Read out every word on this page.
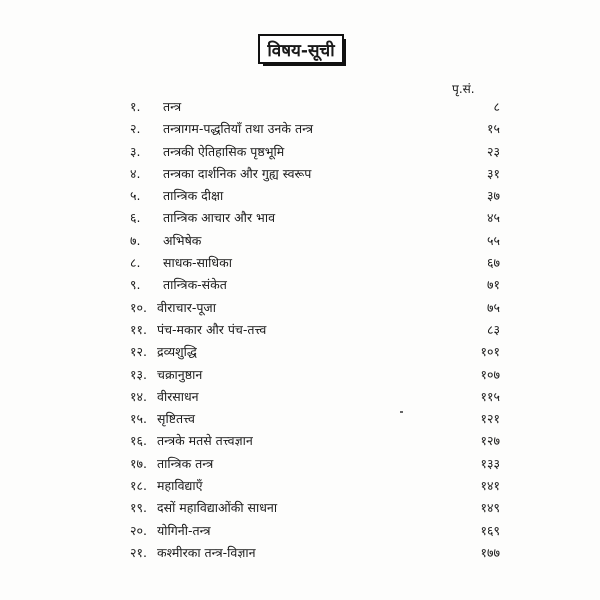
विषय-सूची
पृ.सं.
१.	तन्त्र	८
२.	तन्त्रागम-पद्धतियाँ तथा उनके तन्त्र	१५
३.	तन्त्रकी ऐतिहासिक पृष्ठभूमि	२३
४.	तन्त्रका दार्शनिक और गुह्य स्वरूप	३१
५.	तान्त्रिक दीक्षा	३७
६.	तान्त्रिक आचार और भाव	४५
७.	अभिषेक	५५
८.	साधक-साधिका	६७
९.	तान्त्रिक-संकेत	७१
१०. वीराचार-पूजा	७५
११. पंच-मकार और पंच-तत्त्व	८३
१२. द्रव्यशुद्धि	१०१
१३. चक्रानुष्ठान	१०७
१४. वीरसाधन	११५
१५. सृष्टितत्त्व	१२१
१६. तन्त्रके मतसे तत्त्वज्ञान	१२७
१७. तान्त्रिक तन्त्र	१३३
१८. महाविद्याएँ	१४१
१९. दसों महाविद्याओंकी साधना	१४९
२०. योगिनी-तन्त्र	१६९
२१. कश्मीरका तन्त्र-विज्ञान	१७७
